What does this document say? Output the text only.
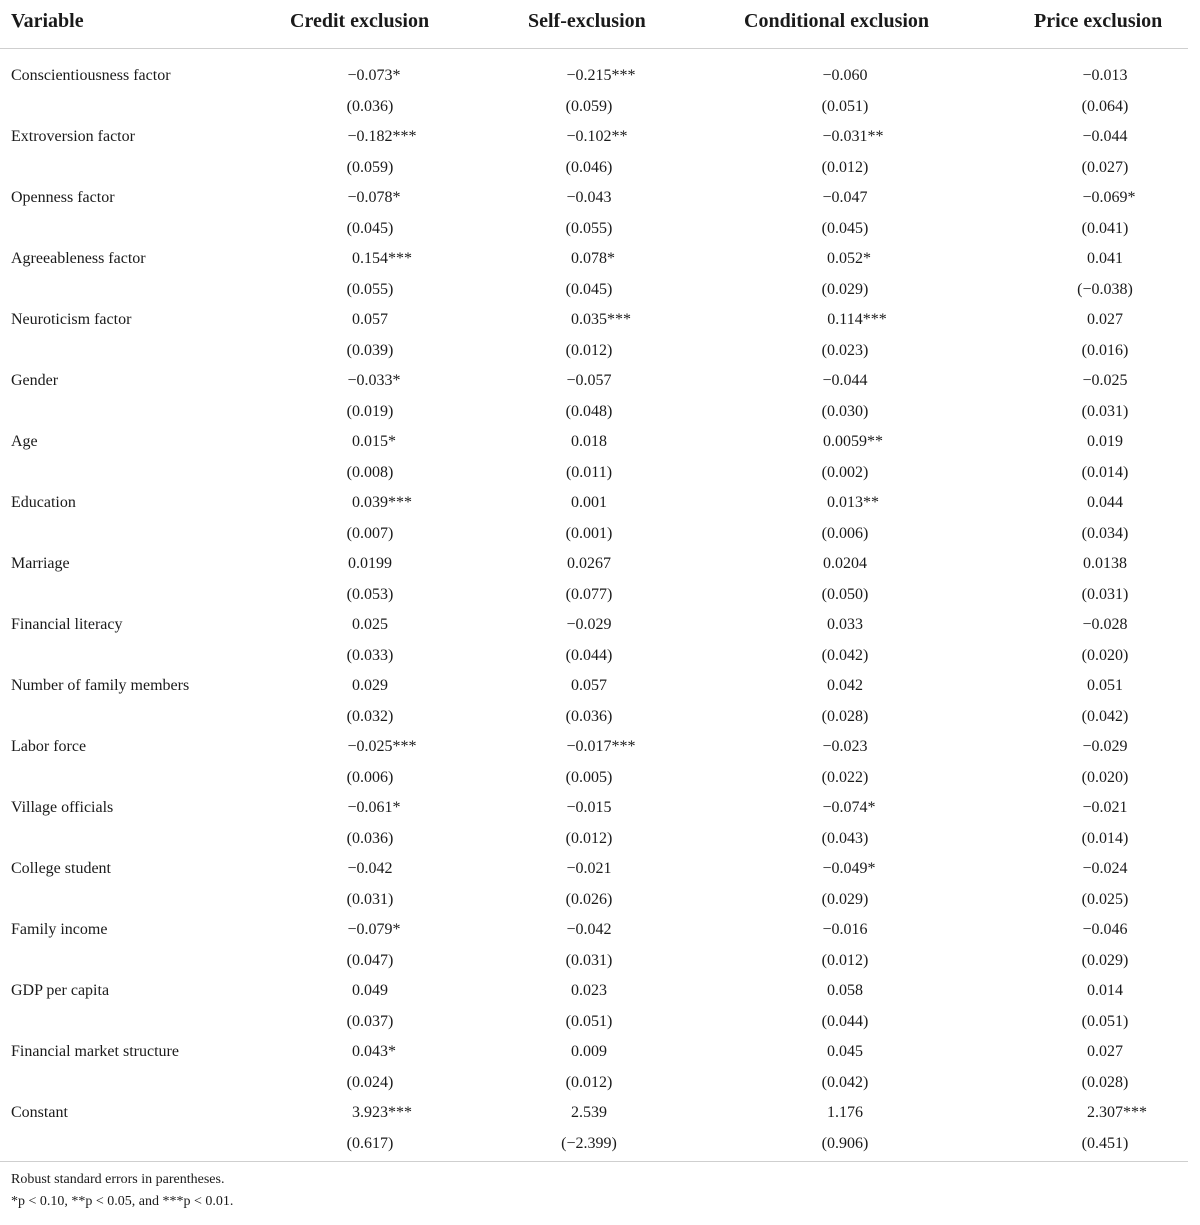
Variable	Credit exclusion	Self-exclusion	Conditional exclusion	Price exclusion
Conscientiousness factor	−0.073*	−0.215***	−0.060	−0.013
(0.036)	(0.059)	(0.051)	(0.064)
Extroversion factor	−0.182***	−0.102**	−0.031**	−0.044
(0.059)	(0.046)	(0.012)	(0.027)
Openness factor	−0.078*	−0.043	−0.047	−0.069*
(0.045)	(0.055)	(0.045)	(0.041)
Agreeableness factor	0.154***	0.078*	0.052*	0.041
(0.055)	(0.045)	(0.029)	(−0.038)
Neuroticism factor	0.057	0.035***	0.114***	0.027
(0.039)	(0.012)	(0.023)	(0.016)
Gender	−0.033*	−0.057	−0.044	−0.025
(0.019)	(0.048)	(0.030)	(0.031)
Age	0.015*	0.018	0.0059**	0.019
(0.008)	(0.011)	(0.002)	(0.014)
Education	0.039***	0.001	0.013**	0.044
(0.007)	(0.001)	(0.006)	(0.034)
Marriage	0.0199	0.0267	0.0204	0.0138
(0.053)	(0.077)	(0.050)	(0.031)
Financial literacy	0.025	−0.029	0.033	−0.028
(0.033)	(0.044)	(0.042)	(0.020)
Number of family members	0.029	0.057	0.042	0.051
(0.032)	(0.036)	(0.028)	(0.042)
Labor force	−0.025***	−0.017***	−0.023	−0.029
(0.006)	(0.005)	(0.022)	(0.020)
Village officials	−0.061*	−0.015	−0.074*	−0.021
(0.036)	(0.012)	(0.043)	(0.014)
College student	−0.042	−0.021	−0.049*	−0.024
(0.031)	(0.026)	(0.029)	(0.025)
Family income	−0.079*	−0.042	−0.016	−0.046
(0.047)	(0.031)	(0.012)	(0.029)
GDP per capita	0.049	0.023	0.058	0.014
(0.037)	(0.051)	(0.044)	(0.051)
Financial market structure	0.043*	0.009	0.045	0.027
(0.024)	(0.012)	(0.042)	(0.028)
Constant	3.923***	2.539	1.176	2.307***
(0.617)	(−2.399)	(0.906)	(0.451)
Robust standard errors in parentheses.
*p < 0.10, **p < 0.05, and ***p < 0.01.
